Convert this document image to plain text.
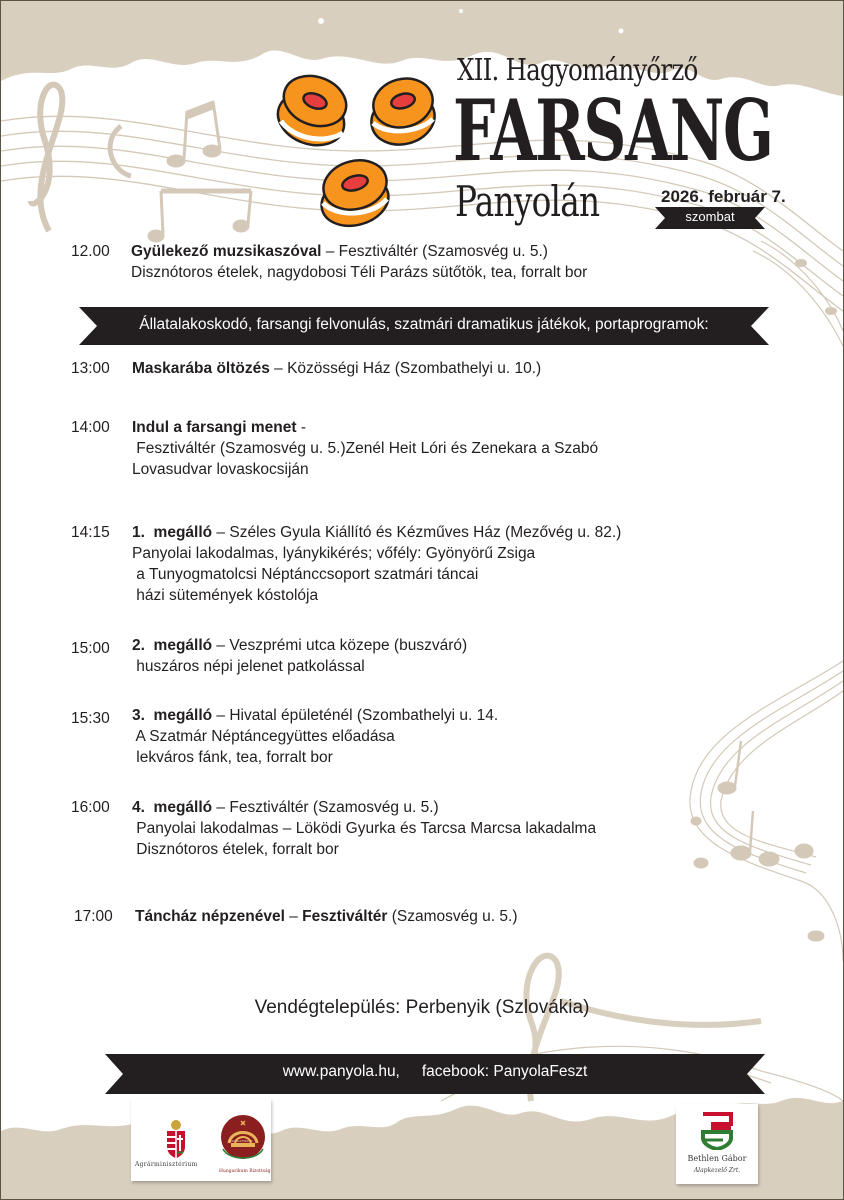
XII. Hagyományőrző
FARSANG
Panyolán	2026. február 7.
szombat
12.00 Gyülekező muzsikaszóval – Fesztiváltér (Szamosvég u. 5.)
Disznótoros ételek, nagydobosi Téli Parázs sütőtök, tea, forralt bor
Állatalakoskodó, farsangi felvonulás, szatmári dramatikus játékok, portaprogramok:
13:00 Maskarába öltözés – Közösségi Ház (Szombathelyi u. 10.)
14:00 Indul a farsangi menet -
Fesztiváltér (Szamosvég u. 5.)Zenél Heit Lóri és Zenekara a Szabó
Lovasudvar lovaskocsiján
14:15 1.  megálló – Széles Gyula Kiállító és Kézműves Ház (Mezővég u. 82.)
Panyolai lakodalmas, lyánykikérés; vőfély: Gyönyörű Zsiga
a Tunyogmatolcsi Néptánccsoport szatmári táncai
házi sütemények kóstolója
15:00 2.  megálló – Veszprémi utca közepe (buszváró)
huszáros népi jelenet patkolással
15:30 3.  megálló – Hivatal épületénél (Szombathelyi u. 14.
A Szatmár Néptáncegyüttes előadása
lekváros fánk, tea, forralt bor
16:00 4.  megálló – Fesztiváltér (Szamosvég u. 5.)
Panyolai lakodalmas – Löködi Gyurka és Tarcsa Marcsa lakadalma
Disznótoros ételek, forralt bor
17:00 Táncház népzenével – Fesztiváltér (Szamosvég u. 5.)
Vendégtelepülés: Perbenyik (Szlovákia)
www.panyola.hu, facebook: PanyolaFeszt
Agrárminisztérium
Hungarikum Bizottság
HUNGARIKUM
Bethlen Gábor
Alapkezelő Zrt.
